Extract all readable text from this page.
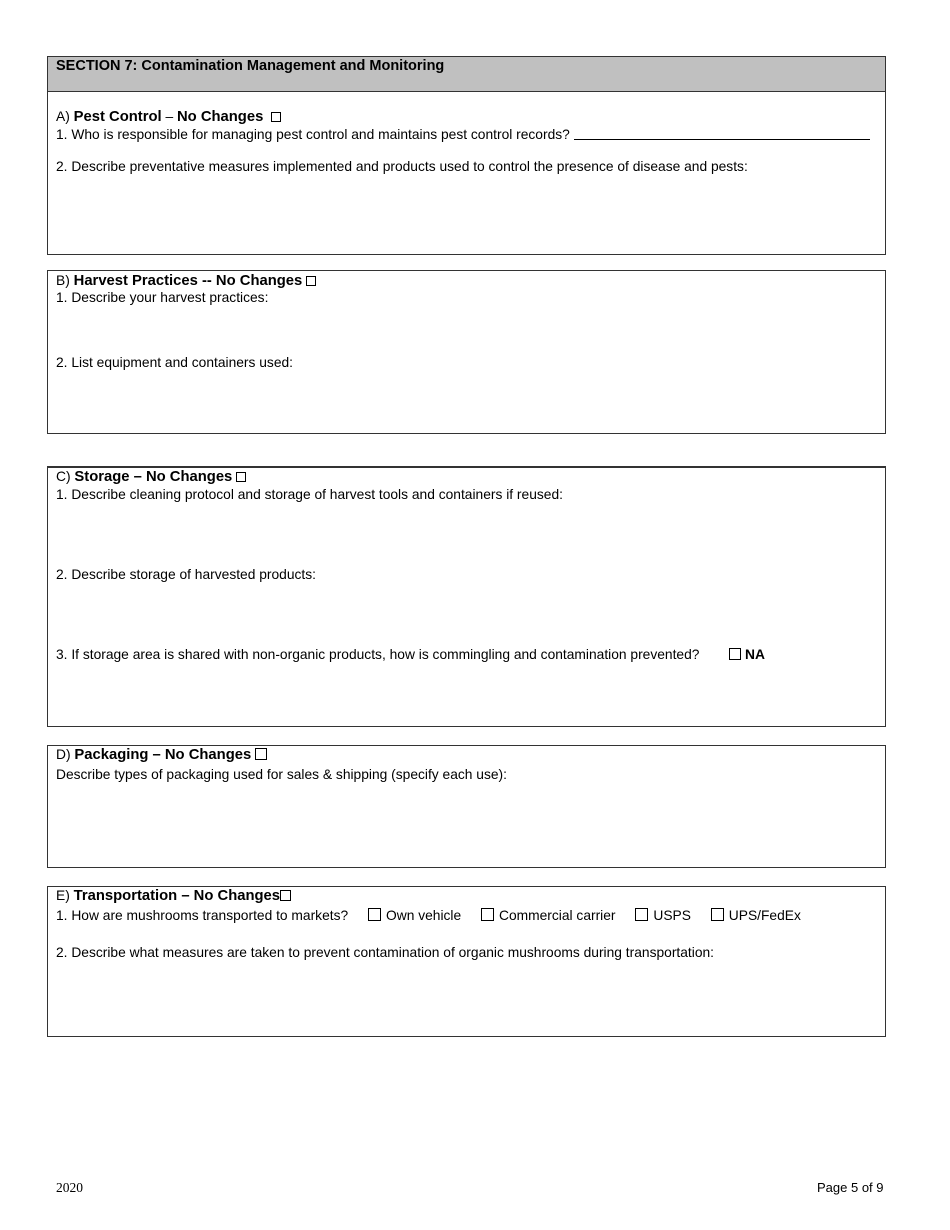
SECTION 7: Contamination Management and Monitoring
A) Pest Control – No Changes
1. Who is responsible for managing pest control and maintains pest control records?
2. Describe preventative measures implemented and products used to control the presence of disease and pests:
B) Harvest Practices -- No Changes
1. Describe your harvest practices:
2. List equipment and containers used:
C) Storage – No Changes
1. Describe cleaning protocol and storage of harvest tools and containers if reused:
2. Describe storage of harvested products:
3. If storage area is shared with non-organic products, how is commingling and contamination prevented?	NA
D) Packaging – No Changes
Describe types of packaging used for sales & shipping (specify each use):
E) Transportation – No Changes
1. How are mushrooms transported to markets?	Own vehicle	Commercial carrier	USPS	UPS/FedEx
2. Describe what measures are taken to prevent contamination of organic mushrooms during transportation:
2020	Page 5 of 9
